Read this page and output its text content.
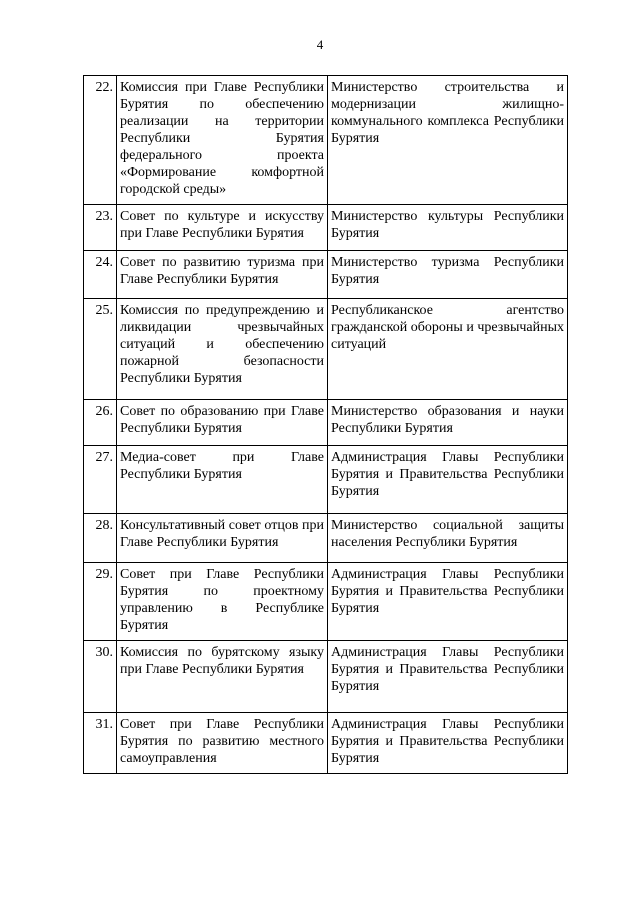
4
22.	Комиссия при Главе Республики Бурятия по обеспечению реализации на территории Республики Бурятия федерального проекта «Формирование комфортной городской среды»	Министерство строительства и модернизации жилищно-коммунального комплекса Республики Бурятия
23.	Совет по культуре и искусству при Главе Республики Бурятия	Министерство культуры Республики Бурятия
24.	Совет по развитию туризма при Главе Республики Бурятия	Министерство туризма Республики Бурятия
25.	Комиссия по предупреждению и ликвидации чрезвычайных ситуаций и обеспечению пожарной безопасности Республики Бурятия	Республиканское агентство гражданской обороны и чрезвычайных ситуаций
26.	Совет по образованию при Главе Республики Бурятия	Министерство образования и науки Республики Бурятия
27.	Медиа-совет при Главе Республики Бурятия	Администрация Главы Республики Бурятия и Правительства Республики Бурятия
28.	Консультативный совет отцов при Главе Республики Бурятия	Министерство социальной защиты населения Республики Бурятия
29.	Совет при Главе Республики Бурятия по проектному управлению в Республике Бурятия	Администрация Главы Республики Бурятия и Правительства Республики Бурятия
30.	Комиссия по бурятскому языку при Главе Республики Бурятия	Администрация Главы Республики Бурятия и Правительства Республики Бурятия
31.	Совет при Главе Республики Бурятия по развитию местного самоуправления	Администрация Главы Республики Бурятия и Правительства Республики Бурятия
